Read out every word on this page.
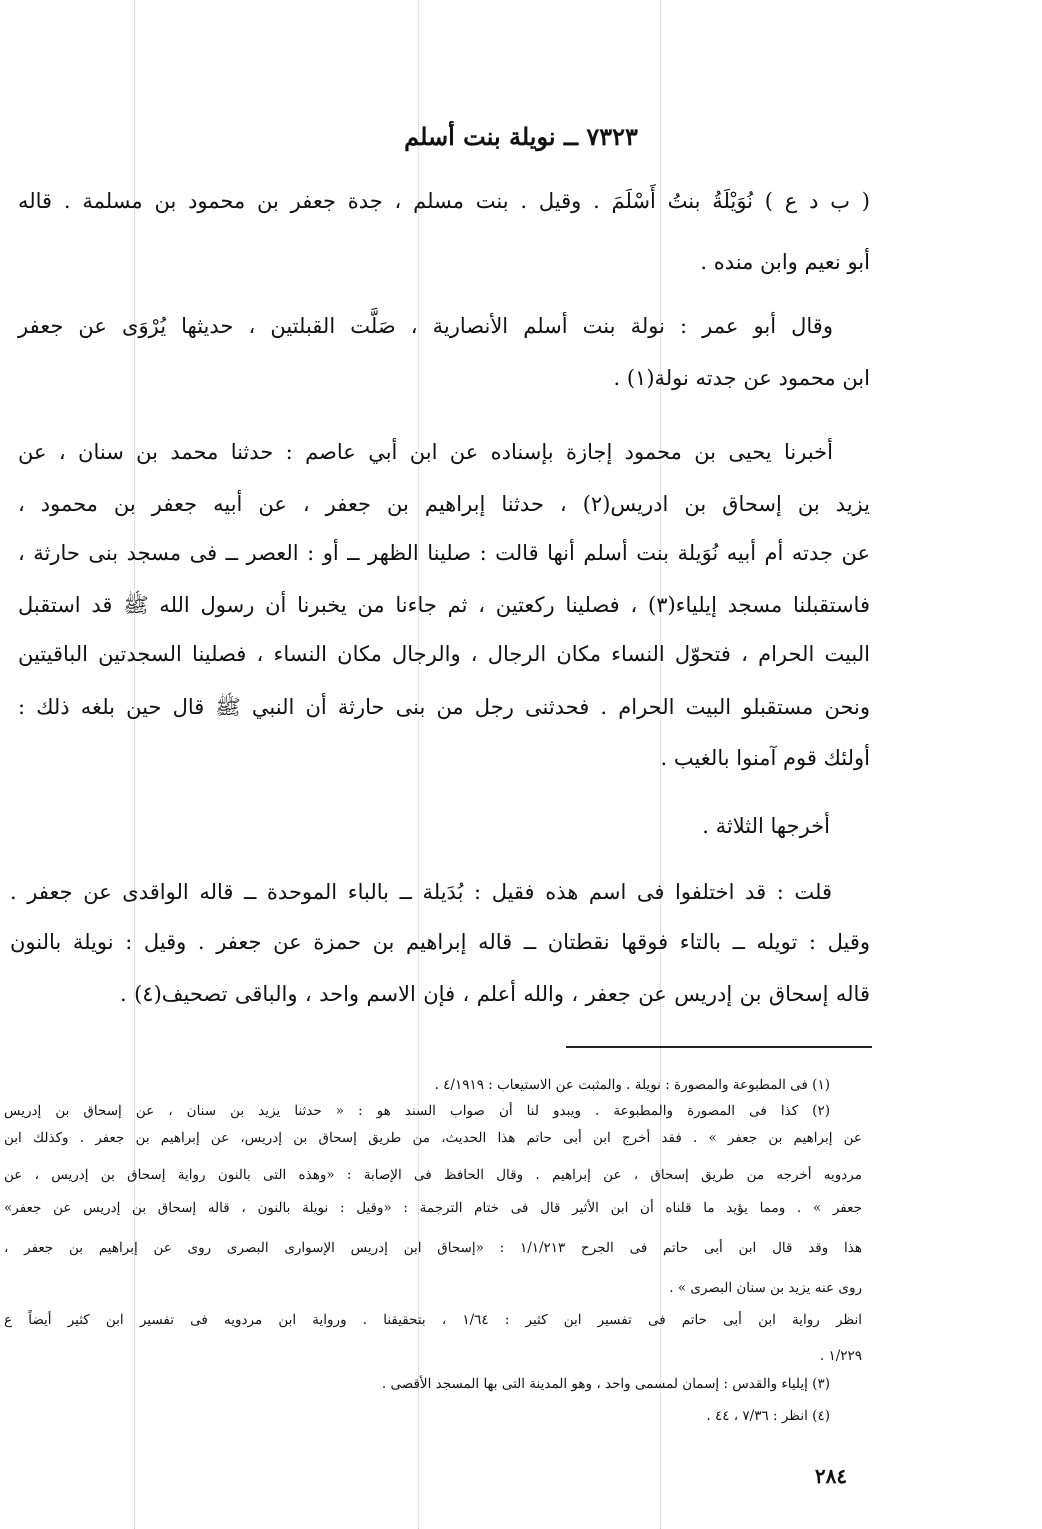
٧٣٢٣ ــ نويلة بنت أسلم

( ب د ع ) نُوَيْلَةُ بنتُ أَسْلَمَ . وقيل . بنت مسلم ، جدة جعفر بن محمود بن مسلمة . قاله

أبو نعيم وابن منده .

وقال أبو عمر : نولة بنت أسلم الأنصارية ، صَلَّت القبلتين ، حديثها يُرْوَى عن جعفر

ابن محمود عن جدته نولة(١) .

أخبرنا يحيى بن محمود إجازة بإسناده عن ابن أبي عاصم : حدثنا محمد بن سنان ، عن

يزيد بن إسحاق بن ادريس(٢) ، حدثنا إبراهيم بن جعفر ، عن أبيه جعفر بن محمود ،

عن جدته أم أبيه نُوَيلة بنت أسلم أنها قالت : صلينا الظهر ــ أو : العصر ــ فى مسجد بنى حارثة ،

فاستقبلنا مسجد إيلياء(٣) ، فصلينا ركعتين ، ثم جاءنا من يخبرنا أن رسول الله ﷺ قد استقبل

البيت الحرام ، فتحوّل النساء مكان الرجال ، والرجال مكان النساء ، فصلينا السجدتين الباقيتين

ونحن مستقبلو البيت الحرام . فحدثنى رجل من بنى حارثة أن النبي ﷺ قال حين بلغه ذلك :

أولئك قوم آمنوا بالغيب .

أخرجها الثلاثة .

قلت : قد اختلفوا فى اسم هذه فقيل : بُدَيلة ــ بالباء الموحدة ــ قاله الواقدى عن جعفر .

وقيل : تويله ــ بالتاء فوقها نقطتان ــ قاله إبراهيم بن حمزة عن جعفر . وقيل : نويلة بالنون

قاله إسحاق بن إدريس عن جعفر ، والله أعلم ، فإن الاسم واحد ، والباقى تصحيف(٤) .

(١) فى المطبوعة والمصورة : نويلة . والمثبت عن الاستيعاب : ٤/١٩١٩ .

(٢) كذا فى المصورة والمطبوعة . ويبدو لنا أن صواب السند هو : « حدثنا يزيد بن سنان ، عن إسحاق بن إدريس

عن إبراهيم بن جعفر » . فقد أخرج ابن أبى حاتم هذا الحديث، من طريق إسحاق بن إدريس، عن إبراهيم بن جعفر . وكذلك ابن

مردويه أخرجه من طريق إسحاق ، عن إبراهيم . وقال الحافظ فى الإصابة : «وهذه التى بالنون رواية إسحاق بن إدريس ، عن

جعفر » . ومما يؤيد ما قلناه أن ابن الأثير قال فى ختام الترجمة : «وقيل : نويلة بالنون ، قاله إسحاق بن إدريس عن جعفر»

هذا وقد قال ابن أبى حاتم فى الجرح ١/١/٢١٣ : «إسحاق ابن إدريس الإسوارى البصرى روى عن إبراهيم بن جعفر ،

روى عنه يزيد بن سنان البصرى » .

انظر رواية ابن أبى حاتم فى تفسير ابن كثير : ١/٦٤ ، بتحقيقنا . ورواية ابن مردويه فى تفسير ابن كثير أيضاً ع

١/٢٢٩ .

(٣) إيلياء والقدس : إسمان لمسمى واحد ، وهو المدينة التى بها المسجد الأقصى .

(٤) انظر : ٧/٣٦ ، ٤٤ .

٢٨٤
